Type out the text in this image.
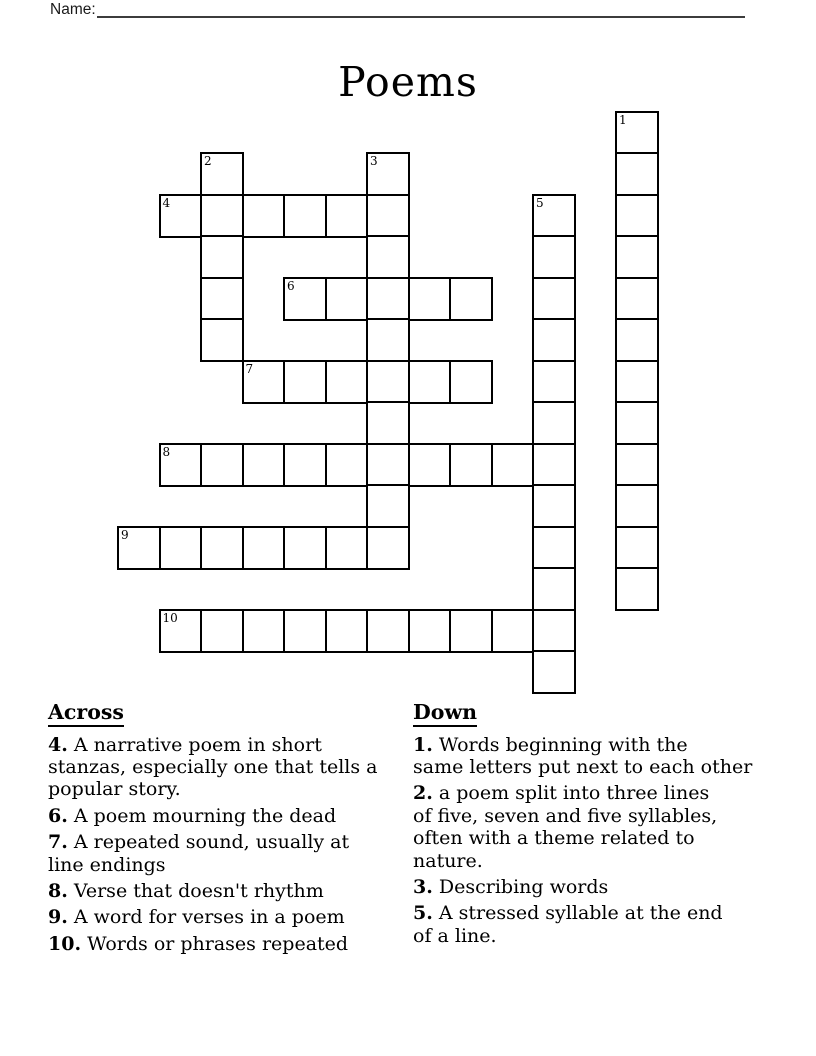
Name:
Poems
1
2	3
4	5
6
7
8
9
10
Across

4. A narrative poem in short
stanzas, especially one that tells a
popular story.

6. A poem mourning the dead

7. A repeated sound, usually at
line endings

8. Verse that doesn't rhythm

9. A word for verses in a poem

10. Words or phrases repeated

Down

1. Words beginning with the
same letters put next to each other

2. a poem split into three lines
of five, seven and five syllables,
often with a theme related to
nature.

3. Describing words

5. A stressed syllable at the end
of a line.
